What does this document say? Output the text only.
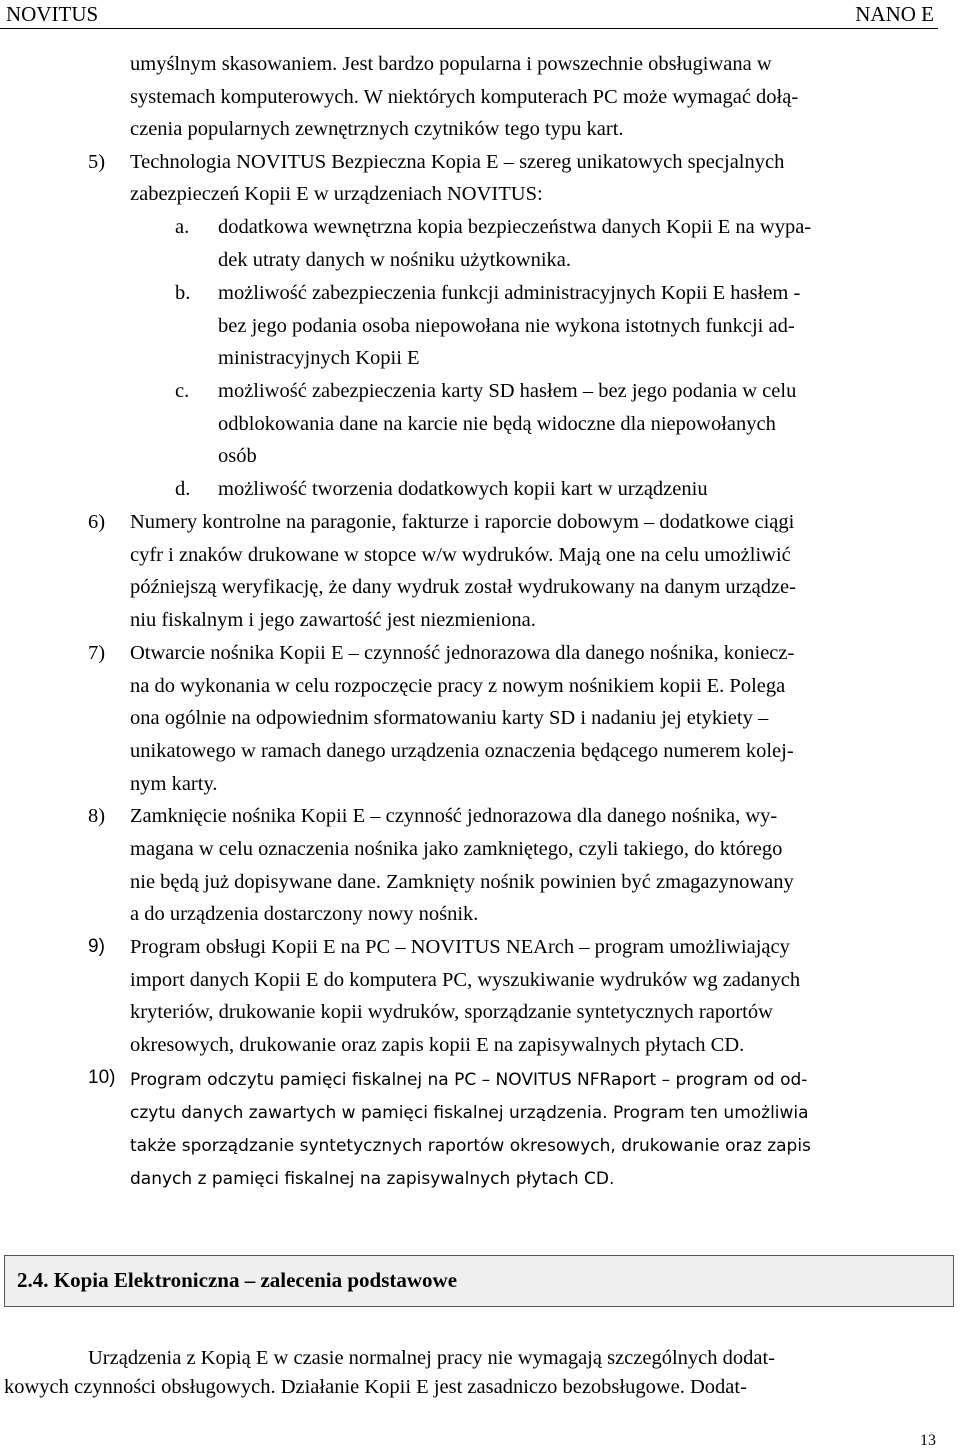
NOVITUS	NANO E
umyślnym skasowaniem. Jest bardzo popularna i powszechnie obsługiwana w
systemach komputerowych. W niektórych komputerach PC może wymagać dołą-
czenia popularnych zewnętrznych czytników tego typu kart.
5) Technologia NOVITUS Bezpieczna Kopia E – szereg unikatowych specjalnych
zabezpieczeń Kopii E w urządzeniach NOVITUS:
a. dodatkowa wewnętrzna kopia bezpieczeństwa danych Kopii E na wypa-
dek utraty danych w nośniku użytkownika.
b. możliwość zabezpieczenia funkcji administracyjnych Kopii E hasłem -
bez jego podania osoba niepowołana nie wykona istotnych funkcji ad-
ministracyjnych Kopii E
c. możliwość zabezpieczenia karty SD hasłem – bez jego podania w celu
odblokowania dane na karcie nie będą widoczne dla niepowołanych
osób
d. możliwość tworzenia dodatkowych kopii kart w urządzeniu
6) Numery kontrolne na paragonie, fakturze i raporcie dobowym – dodatkowe ciągi
cyfr i znaków drukowane w stopce w/w wydruków. Mają one na celu umożliwić
późniejszą weryfikację, że dany wydruk został wydrukowany na danym urządze-
niu fiskalnym i jego zawartość jest niezmieniona.
7) Otwarcie nośnika Kopii E – czynność jednorazowa dla danego nośnika, koniecz-
na do wykonania w celu rozpoczęcie pracy z nowym nośnikiem kopii E. Polega
ona ogólnie na odpowiednim sformatowaniu karty SD i nadaniu jej etykiety –
unikatowego w ramach danego urządzenia oznaczenia będącego numerem kolej-
nym karty.
8) Zamknięcie nośnika Kopii E – czynność jednorazowa dla danego nośnika, wy-
magana w celu oznaczenia nośnika jako zamkniętego, czyli takiego, do którego
nie będą już dopisywane dane. Zamknięty nośnik powinien być zmagazynowany
a do urządzenia dostarczony nowy nośnik.
9) Program obsługi Kopii E na PC – NOVITUS NEArch – program umożliwiający
import danych Kopii E do komputera PC, wyszukiwanie wydruków wg zadanych
kryteriów, drukowanie kopii wydruków, sporządzanie syntetycznych raportów
okresowych, drukowanie oraz zapis kopii E na zapisywalnych płytach CD.
10) Program odczytu pamięci fiskalnej na PC – NOVITUS NFRaport – program od od-
czytu danych zawartych w pamięci fiskalnej urządzenia. Program ten umożliwia
także sporządzanie syntetycznych raportów okresowych, drukowanie oraz zapis
danych z pamięci fiskalnej na zapisywalnych płytach CD.
2.4. Kopia Elektroniczna – zalecenia podstawowe
Urządzenia z Kopią E w czasie normalnej pracy nie wymagają szczególnych dodat-
kowych czynności obsługowych. Działanie Kopii E jest zasadniczo bezobsługowe. Dodat-
13
